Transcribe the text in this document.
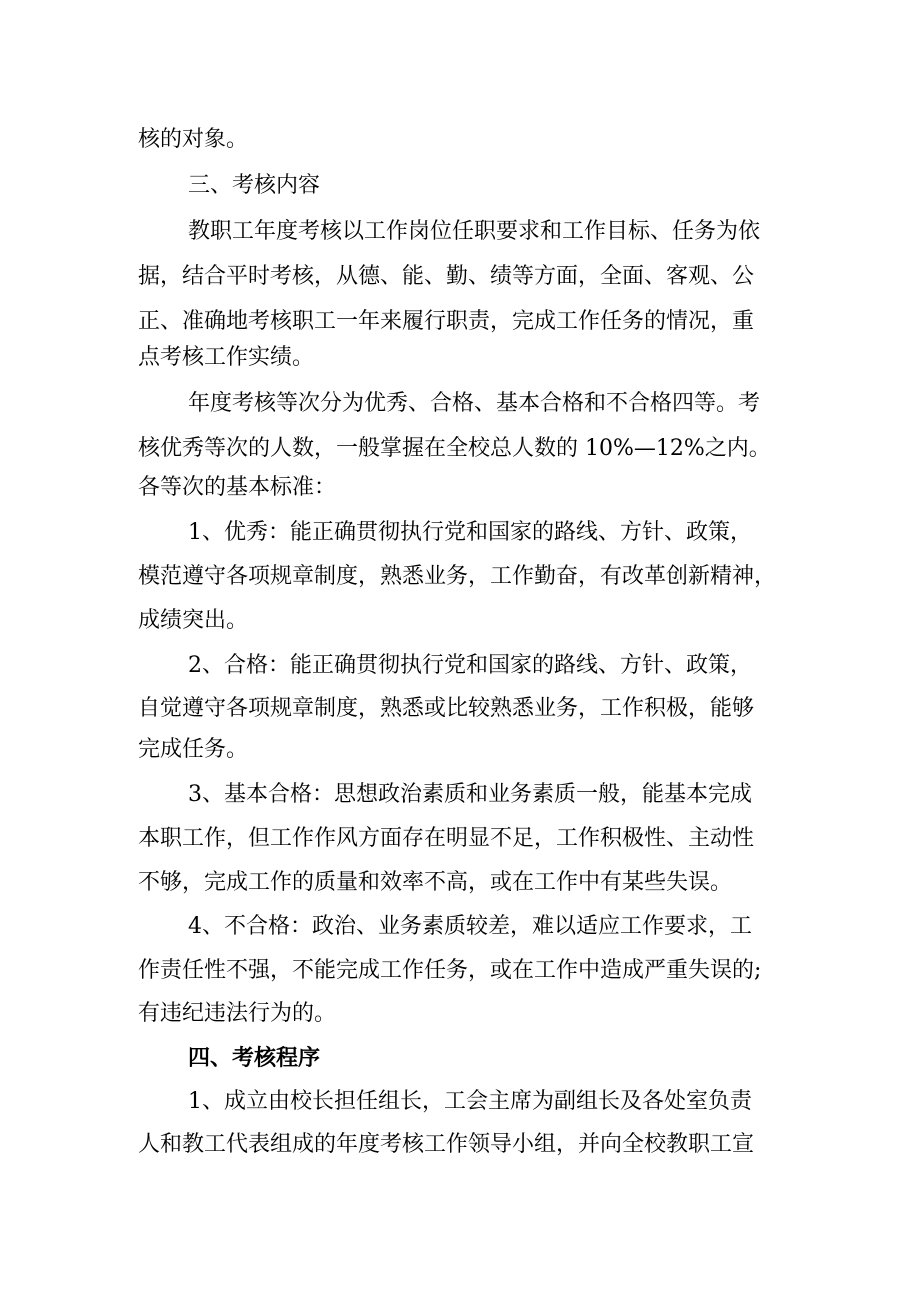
核的对象。
三、考核内容
教职工年度考核以工作岗位任职要求和工作目标、任务为依
据，结合平时考核，从德、能、勤、绩等方面，全面、客观、公
正、准确地考核职工一年来履行职责，完成工作任务的情况，重
点考核工作实绩。
年度考核等次分为优秀、合格、基本合格和不合格四等。考
核优秀等次的人数，一般掌握在全校总人数的 10%—12%之内。
各等次的基本标准：
1、优秀：能正确贯彻执行党和国家的路线、方针、政策，
模范遵守各项规章制度，熟悉业务，工作勤奋，有改革创新精神，
成绩突出。
2、合格：能正确贯彻执行党和国家的路线、方针、政策，
自觉遵守各项规章制度，熟悉或比较熟悉业务，工作积极，能够
完成任务。
3、基本合格：思想政治素质和业务素质一般，能基本完成
本职工作，但工作作风方面存在明显不足，工作积极性、主动性
不够，完成工作的质量和效率不高，或在工作中有某些失误。
4、不合格：政治、业务素质较差，难以适应工作要求，工
作责任性不强，不能完成工作任务，或在工作中造成严重失误的;
有违纪违法行为的。
四、考核程序
1、成立由校长担任组长，工会主席为副组长及各处室负责
人和教工代表组成的年度考核工作领导小组，并向全校教职工宣
